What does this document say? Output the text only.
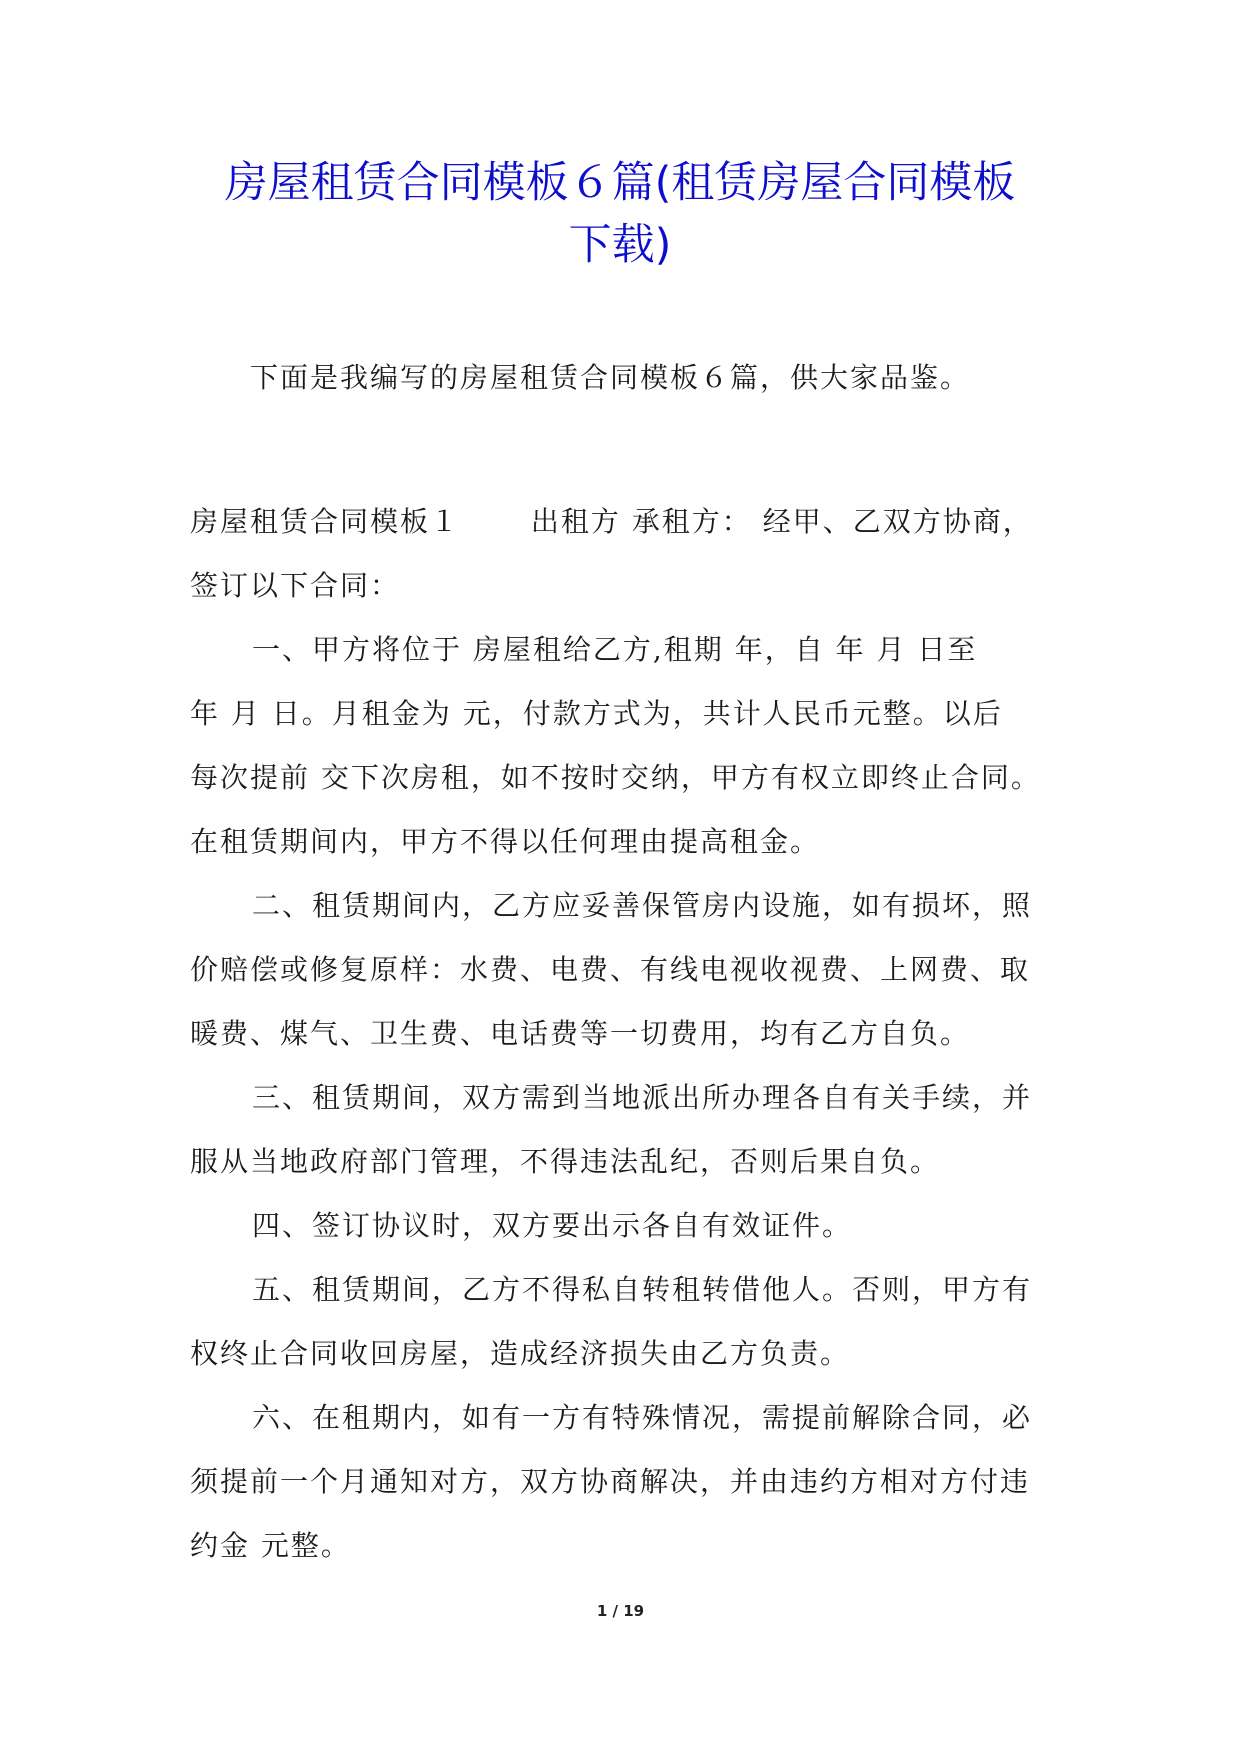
房屋租赁合同模板６篇(租赁房屋合同模板
下载)
下面是我编写的房屋租赁合同模板６篇，供大家品鉴。
房屋租赁合同模板１　　 出租方 承租方： 经甲、乙双方协商，
签订以下合同：
一、甲方将位于 房屋租给乙方,租期 年，自 年 月 日至
年 月 日。月租金为 元，付款方式为，共计人民币元整。以后
每次提前 交下次房租，如不按时交纳，甲方有权立即终止合同。
在租赁期间内，甲方不得以任何理由提高租金。
二、租赁期间内，乙方应妥善保管房内设施，如有损坏，照
价赔偿或修复原样：水费、电费、有线电视收视费、上网费、取
暖费、煤气、卫生费、电话费等一切费用，均有乙方自负。
三、租赁期间，双方需到当地派出所办理各自有关手续，并
服从当地政府部门管理，不得违法乱纪，否则后果自负。
四、签订协议时，双方要出示各自有效证件。
五、租赁期间，乙方不得私自转租转借他人。否则，甲方有
权终止合同收回房屋，造成经济损失由乙方负责。
六、在租期内，如有一方有特殊情况，需提前解除合同，必
须提前一个月通知对方，双方协商解决，并由违约方相对方付违
约金 元整。
1 / 19
